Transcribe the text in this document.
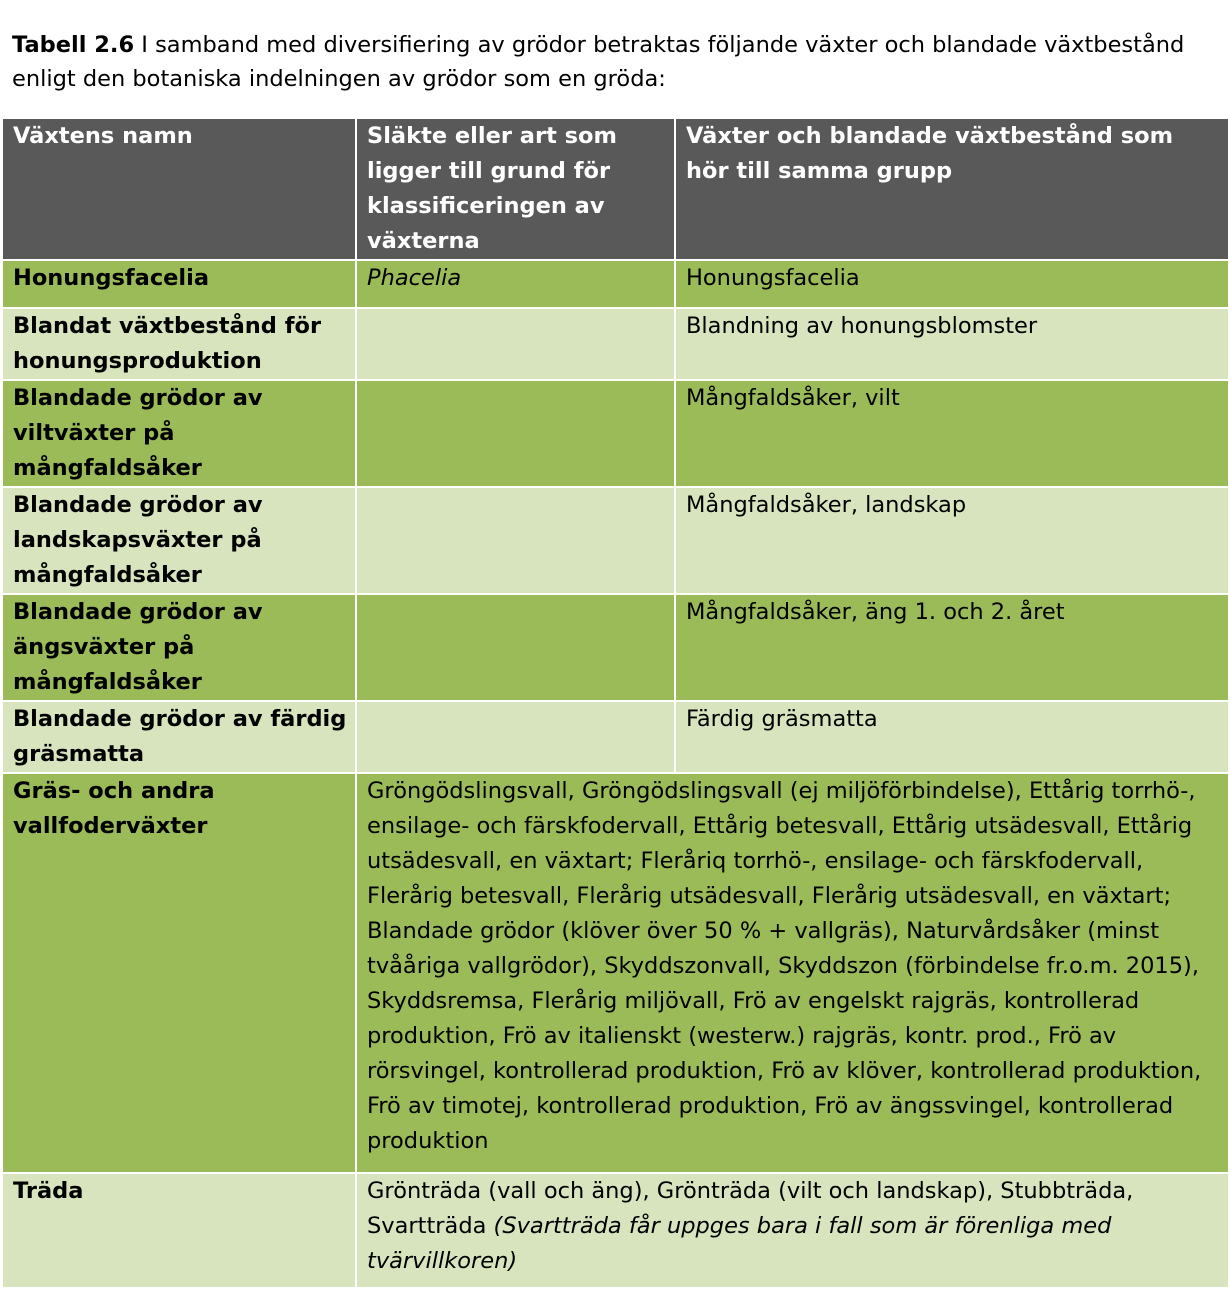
Tabell 2.6 I samband med diversifiering av grödor betraktas följande växter och blandade växtbestånd enligt den botaniska indelningen av grödor som en gröda:
Växtens namn	Släkte eller art som ligger till grund för klassificeringen av växterna	Växter och blandade växtbestånd som hör till samma grupp
Honungsfacelia	Phacelia	Honungsfacelia
Blandat växtbestånd för honungsproduktion		Blandning av honungsblomster
Blandade grödor av viltväxter på mångfaldsåker		Mångfaldsåker, vilt
Blandade grödor av landskapsväxter på mångfaldsåker		Mångfaldsåker, landskap
Blandade grödor av ängsväxter på mångfaldsåker		Mångfaldsåker, äng 1. och 2. året
Blandade grödor av färdig gräsmatta		Färdig gräsmatta
Gräs- och andra vallfoderväxter	Gröngödslingsvall, Gröngödslingsvall (ej miljöförbindelse), Ettårig torrhö-, ensilage- och färskfodervall, Ettårig betesvall, Ettårig utsädesvall, Ettårig utsädesvall, en växtart; Fleråriq torrhö-, ensilage- och färskfodervall, Flerårig betesvall, Flerårig utsädesvall, Flerårig utsädesvall, en växtart; Blandade grödor (klöver över 50 % + vallgräs), Naturvårdsåker (minst tvååriga vallgrödor), Skyddszonvall, Skyddszon (förbindelse fr.o.m. 2015), Skyddsremsa, Flerårig miljövall, Frö av engelskt rajgräs, kontrollerad produktion, Frö av italienskt (westerw.) rajgräs, kontr. prod., Frö av rörsvingel, kontrollerad produktion, Frö av klöver, kontrollerad produktion, Frö av timotej, kontrollerad produktion, Frö av ängssvingel, kontrollerad produktion	
Träda	Grönträda (vall och äng), Grönträda (vilt och landskap), Stubbträda, Svartträda (Svartträda får uppges bara i fall som är förenliga med tvärvillkoren)	
